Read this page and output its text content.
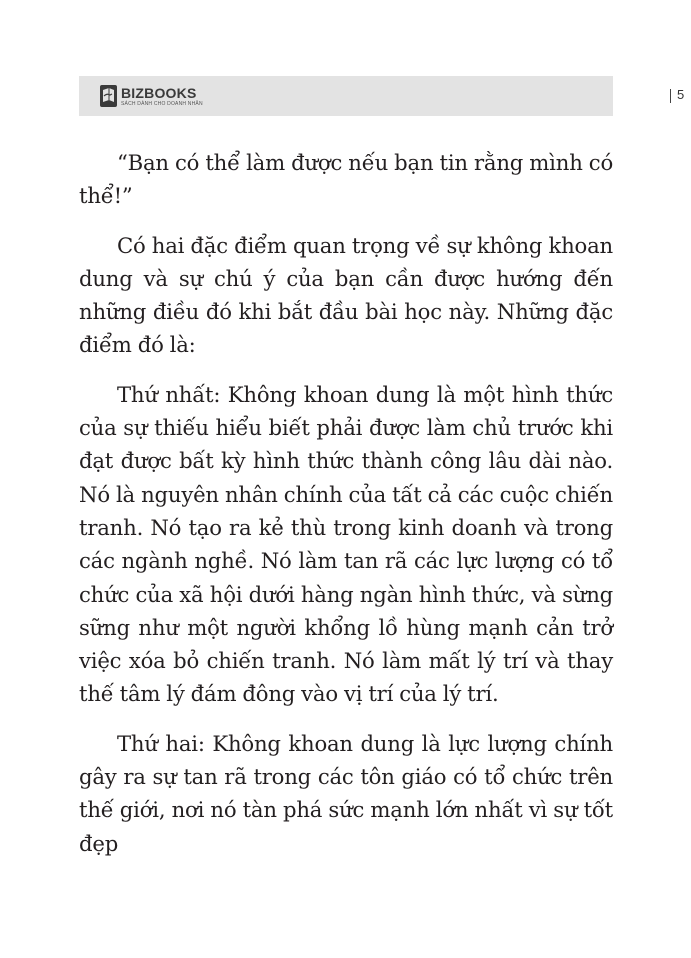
BIZBOOKS
SÁCH DÀNH CHO DOANH NHÂN
5

“Bạn có thể làm được nếu bạn tin rằng mình có thể!”

Có hai đặc điểm quan trọng về sự không khoan dung và sự chú ý của bạn cần được hướng đến những điều đó khi bắt đầu bài học này. Những đặc điểm đó là:

Thứ nhất: Không khoan dung là một hình thức của sự thiếu hiểu biết phải được làm chủ trước khi đạt được bất kỳ hình thức thành công lâu dài nào. Nó là nguyên nhân chính của tất cả các cuộc chiến tranh. Nó tạo ra kẻ thù trong kinh doanh và trong các ngành nghề. Nó làm tan rã các lực lượng có tổ chức của xã hội dưới hàng ngàn hình thức, và sừng sững như một người khổng lồ hùng mạnh cản trở việc xóa bỏ chiến tranh. Nó làm mất lý trí và thay thế tâm lý đám đông vào vị trí của lý trí.

Thứ hai: Không khoan dung là lực lượng chính gây ra sự tan rã trong các tôn giáo có tổ chức trên thế giới, nơi nó tàn phá sức mạnh lớn nhất vì sự tốt đẹp
